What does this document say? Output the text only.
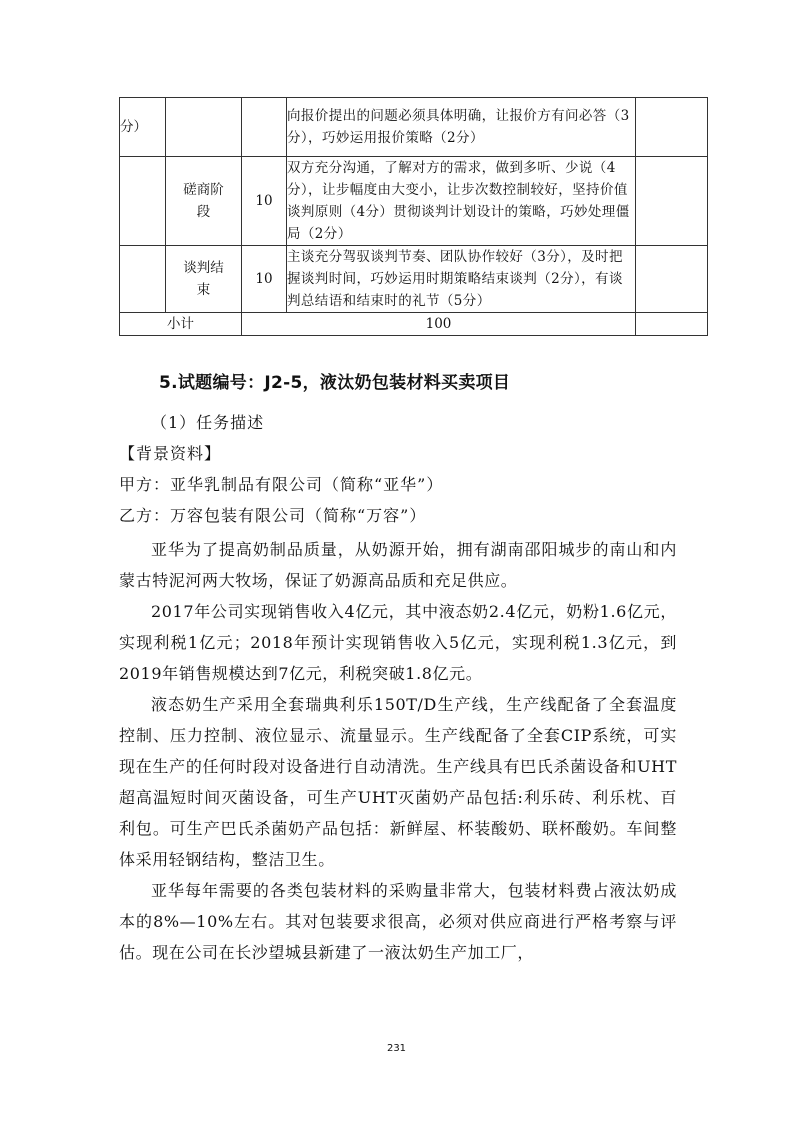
分）			向报价提出的问题必须具体明确，让报价方有问必答（3分），巧妙运用报价策略（2分）	

	磋商阶段	10	双方充分沟通，了解对方的需求，做到多听、少说（4分），让步幅度由大变小，让步次数控制较好，坚持价值谈判原则（4分）贯彻谈判计划设计的策略，巧妙处理僵局（2分）	

	谈判结束	10	主谈充分驾驭谈判节奏、团队协作较好（3分），及时把握谈判时间，巧妙运用时期策略结束谈判（2分），有谈判总结语和结束时的礼节（5分）	
小计		100		
5.试题编号：J2-5，液汰奶包装材料买卖项目
（1）任务描述
【背景资料】
甲方：亚华乳制品有限公司（简称“亚华”）
乙方：万容包装有限公司（简称“万容”）
亚华为了提高奶制品质量，从奶源开始，拥有湖南邵阳城步的南山和内蒙古特泥河两大牧场，保证了奶源高品质和充足供应。
2017年公司实现销售收入4亿元，其中液态奶2.4亿元，奶粉1.6亿元，实现利税1亿元；2018年预计实现销售收入5亿元，实现利税1.3亿元，到2019年销售规模达到7亿元，利税突破1.8亿元。
液态奶生产采用全套瑞典利乐150T/D生产线，生产线配备了全套温度控制、压力控制、液位显示、流量显示。生产线配备了全套CIP系统，可实现在生产的任何时段对设备进行自动清洗。生产线具有巴氏杀菌设备和UHT超高温短时间灭菌设备，可生产UHT灭菌奶产品包括:利乐砖、利乐枕、百利包。可生产巴氏杀菌奶产品包括：新鲜屋、杯装酸奶、联杯酸奶。车间整体采用轻钢结构，整洁卫生。
亚华每年需要的各类包装材料的采购量非常大，包装材料费占液汰奶成本的8%—10%左右。其对包装要求很高，必须对供应商进行严格考察与评估。现在公司在长沙望城县新建了一液汰奶生产加工厂，
231
